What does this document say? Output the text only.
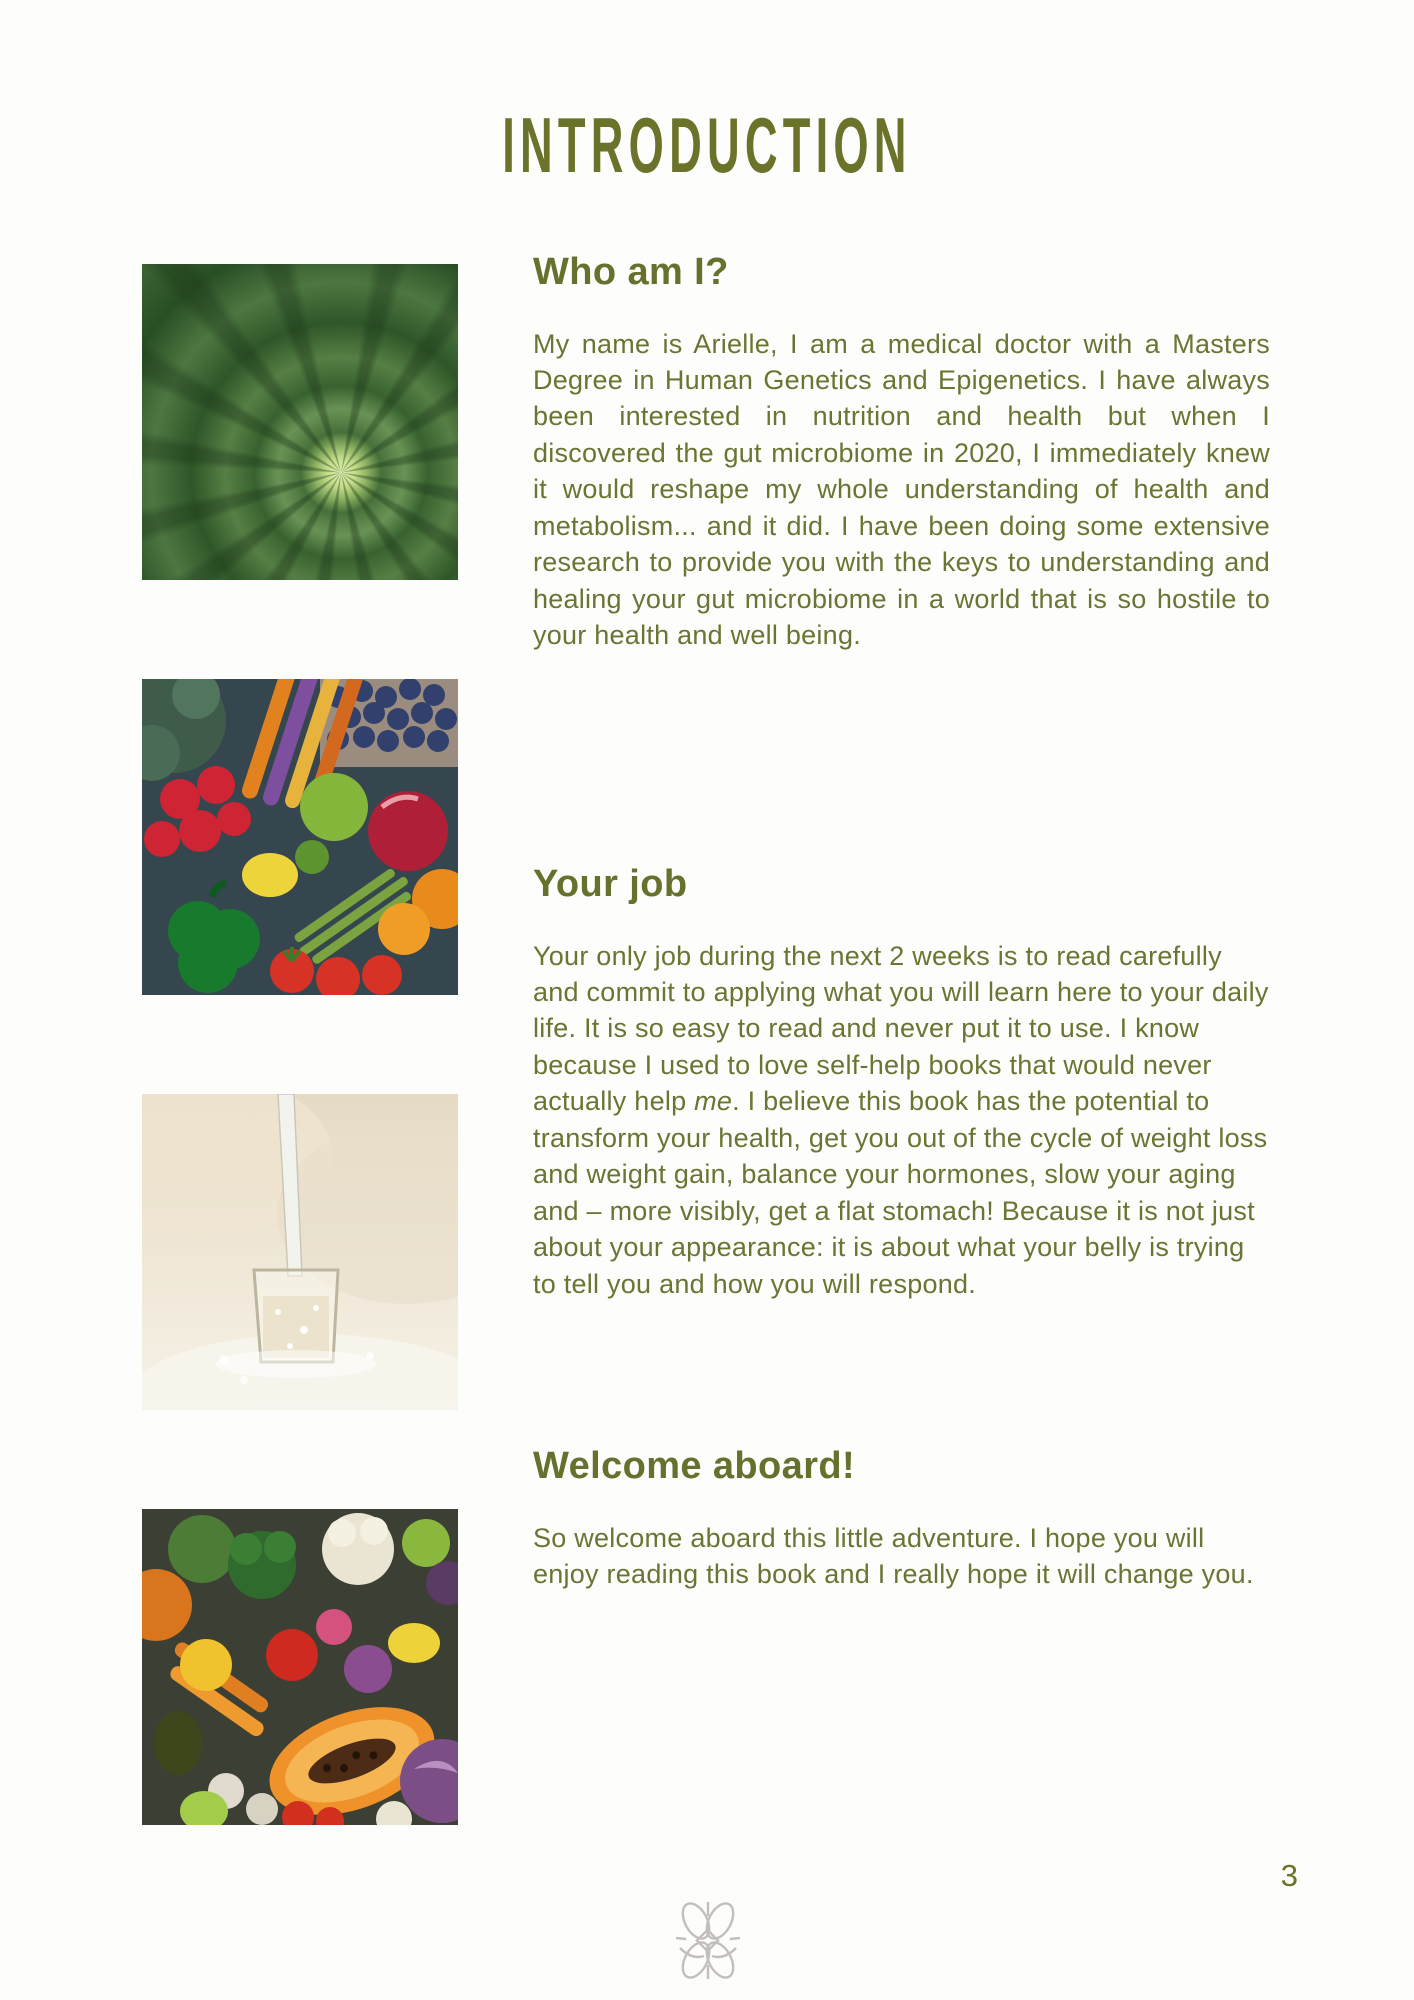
INTRODUCTION
Who am I?

My name is Arielle, I am a medical doctor with a Masters Degree in Human Genetics and Epigenetics. I have always been interested in nutrition and health but when I discovered the gut microbiome in 2020, I immediately knew it would reshape my whole understanding of health and metabolism... and it did. I have been doing some extensive research to provide you with the keys to understanding and healing your gut microbiome in a world that is so hostile to your health and well being.

Your job

Your only job during the next 2 weeks is to read carefully and commit to applying what you will learn here to your daily life. It is so easy to read and never put it to use. I know because I used to love self-help books that would never actually help me. I believe this book has the potential to transform your health, get you out of the cycle of weight loss and weight gain, balance your hormones, slow your aging and – more visibly, get a flat stomach! Because it is not just about your appearance: it is about what your belly is trying to tell you and how you will respond.

Welcome aboard!

So welcome aboard this little adventure. I hope you will enjoy reading this book and I really hope it will change you.

3
